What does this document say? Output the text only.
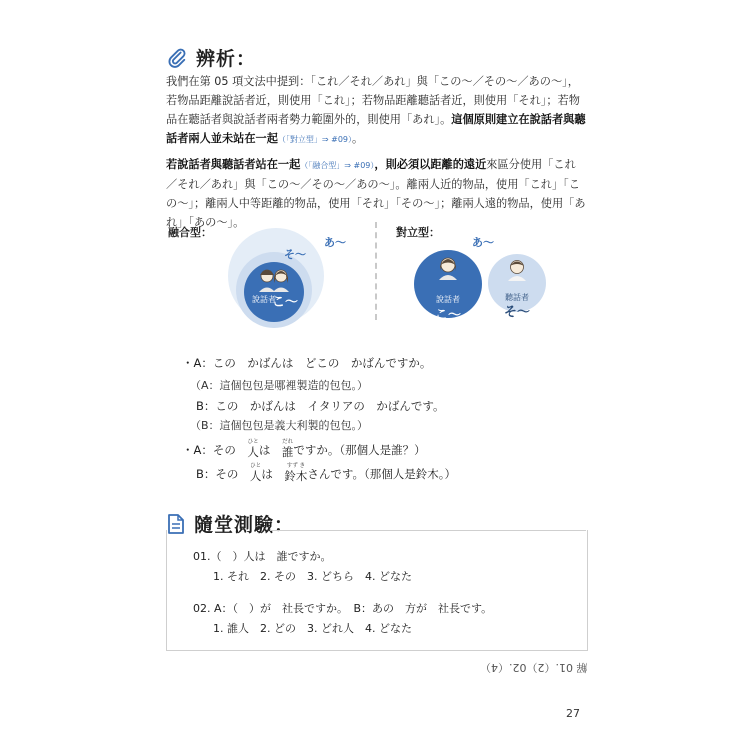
辨析：
我們在第 05 項文法中提到：「これ／それ／あれ」與「この〜／その〜／あの〜」，若物品距離說話者近，則使用「これ」；若物品距離聽話者近，則使用「それ」；若物品在聽話者與說話者兩者勢力範圍外的，則使用「あれ」。這個原則建立在說話者與聽話者兩人並未站在一起（「對立型」⇒ #09）。
若說話者與聽話者站在一起（「融合型」⇒ #09），則必須以距離的遠近來區分使用「これ／それ／あれ」與「この〜／その〜／あの〜」。離兩人近的物品，使用「これ」「この〜」；離兩人中等距離的物品，使用「それ」「その〜」；離兩人遠的物品，使用「あれ」「あの〜」。
融合型：	對立型：
あ〜
そ〜
說話者
こ〜
あ〜
說話者
こ〜
聽話者
そ〜
・A：この　かばんは　どこの　かばんですか。
（A：這個包包是哪裡製造的包包。）
B：この　かばんは　イタリアの　かばんです。
（B：這個包包是義大利製的包包。）
・A：その　
ひと
人 は　
だれ
誰 ですか。（那個人是誰？）
B：その　
ひと
人 は　
すず き
鈴木 さんです。（那個人是鈴木。）
隨堂測驗：
01.（　）人は　誰ですか。
1. それ　2. その　3. どちら　4. どなた
02. A：（　）が　社長ですか。　B：あの　方が　社長です。
1. 誰人　2. どの　3. どれ人　4. どなた
解 01.（2）02.（4）
27
